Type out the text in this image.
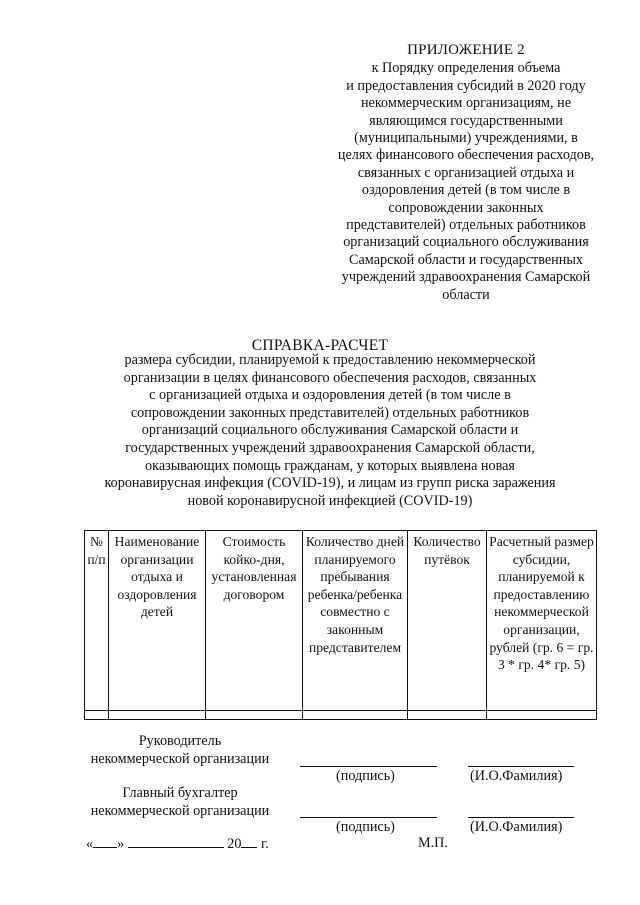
ПРИЛОЖЕНИЕ 2
к Порядку определения объема
и предоставления субсидий в 2020 году
некоммерческим организациям, не
являющимся государственными
(муниципальными) учреждениями, в
целях финансового обеспечения расходов,
связанных с организацией отдыха и
оздоровления детей (в том числе в
сопровождении законных
представителей) отдельных работников
организаций социального обслуживания
Самарской области и государственных
учреждений здравоохранения Самарской
области
СПРАВКА-РАСЧЕТ
размера субсидии, планируемой к предоставлению некоммерческой
организации в целях финансового обеспечения расходов, связанных
с организацией отдыха и оздоровления детей (в том числе в
сопровождении законных представителей) отдельных работников
организаций социального обслуживания Самарской области и
государственных учреждений здравоохранения Самарской области,
оказывающих помощь гражданам, у которых выявлена новая
коронавирусная инфекция (COVID-19), и лицам из групп риска заражения
новой коронавирусной инфекцией (COVID-19)
№ п/п	Наименование организации отдыха и оздоровления детей	Стоимость койко-дня, установленная договором	Количество дней планируемого пребывания ребенка/ребенка совместно с законным представителем	Количество путёвок	Расчетный размер субсидии, планируемой к предоставлению некоммерческой организации, рублей (гр. 6 = гр. 3 * гр. 4* гр. 5)

Руководитель
некоммерческой организации
(подпись)	(И.О.Фамилия)
Главный бухгалтер
некоммерческой организации
(подпись)	(И.О.Фамилия)
« »	20 г.	М.П.
